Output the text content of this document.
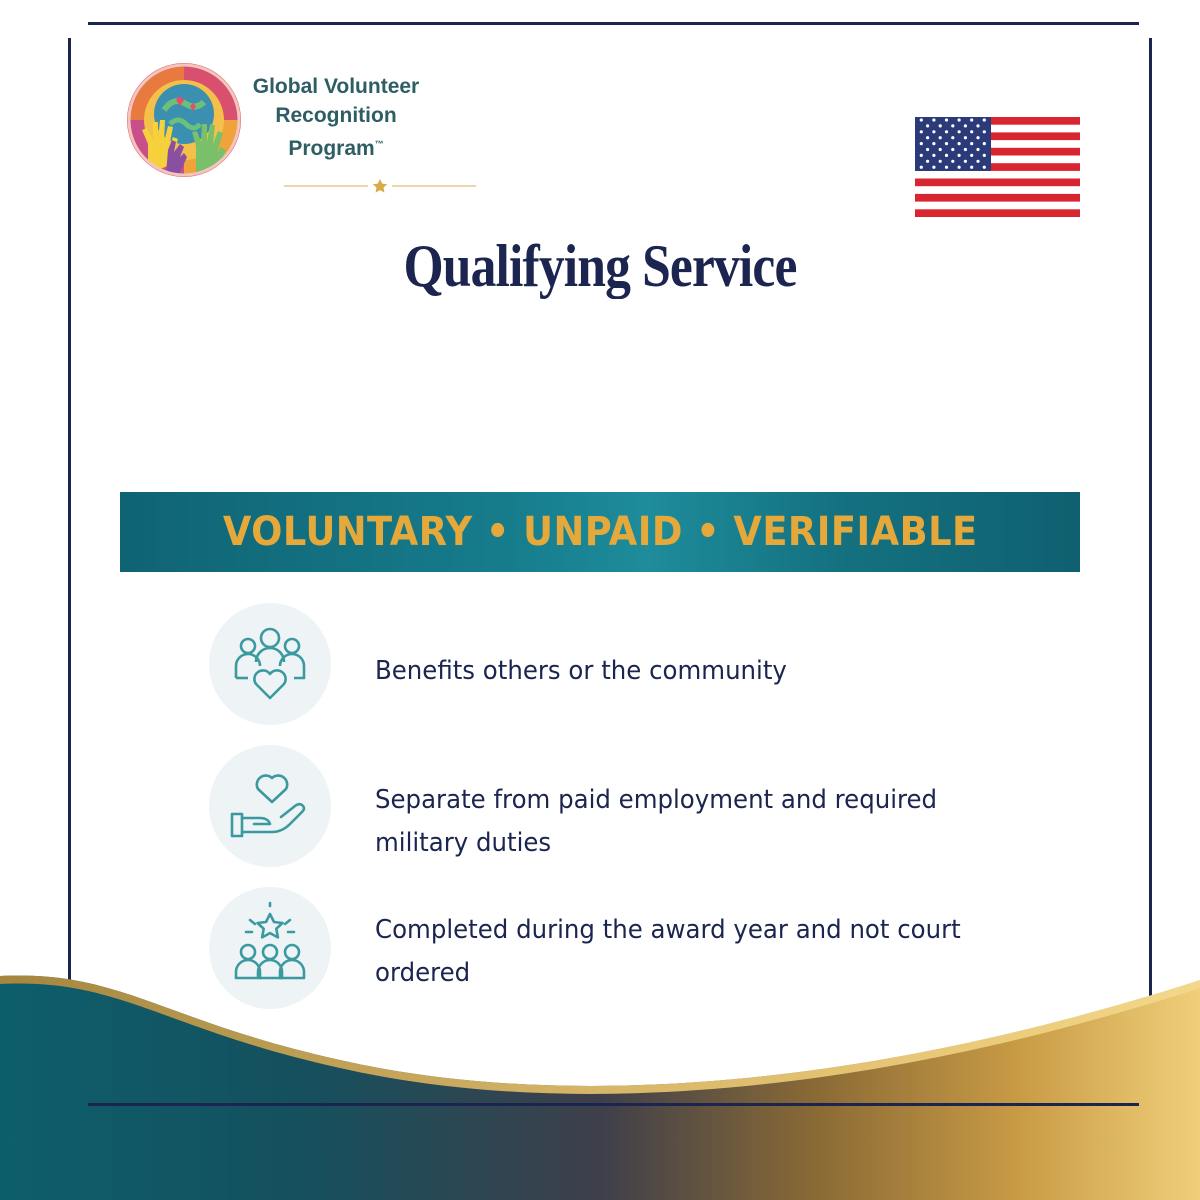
Global Volunteer
Recognition
Program™
Qualifying Service
VOLUNTARY • UNPAID • VERIFIABLE
Benefits others or the community
Separate from paid employment and required military duties
Completed during the award year and not court ordered
